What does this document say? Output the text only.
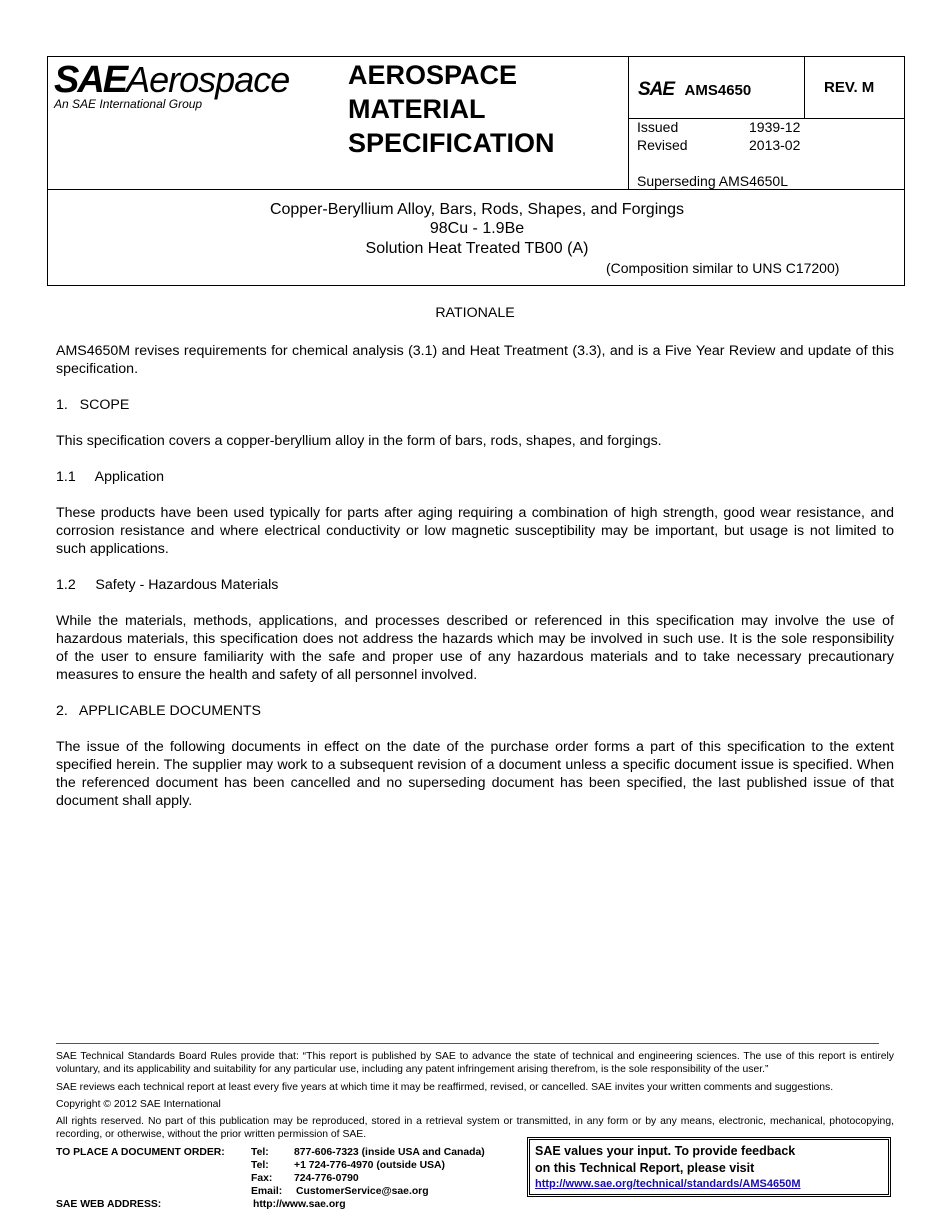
SAEAerospace
An SAE International Group
AEROSPACE
MATERIAL
SPECIFICATION
SAE AMS4650	REV. M
Issued	1939-12
Revised	2013-02
Superseding AMS4650L
Copper-Beryllium Alloy, Bars, Rods, Shapes, and Forgings
98Cu - 1.9Be
Solution Heat Treated TB00 (A)
(Composition similar to UNS C17200)
RATIONALE
AMS4650M revises requirements for chemical analysis (3.1) and Heat Treatment (3.3), and is a Five Year Review and update of this specification.
1.   SCOPE
This specification covers a copper-beryllium alloy in the form of bars, rods, shapes, and forgings.
1.1     Application
These products have been used typically for parts after aging requiring a combination of high strength, good wear resistance, and corrosion resistance and where electrical conductivity or low magnetic susceptibility may be important, but usage is not limited to such applications.
1.2     Safety - Hazardous Materials
While the materials, methods, applications, and processes described or referenced in this specification may involve the use of hazardous materials, this specification does not address the hazards which may be involved in such use. It is the sole responsibility of the user to ensure familiarity with the safe and proper use of any hazardous materials and to take necessary precautionary measures to ensure the health and safety of all personnel involved.
2.   APPLICABLE DOCUMENTS
The issue of the following documents in effect on the date of the purchase order forms a part of this specification to the extent specified herein. The supplier may work to a subsequent revision of a document unless a specific document issue is specified. When the referenced document has been cancelled and no superseding document has been specified, the last published issue of that document shall apply.
SAE Technical Standards Board Rules provide that: “This report is published by SAE to advance the state of technical and engineering sciences. The use of this report is entirely voluntary, and its applicability and suitability for any particular use, including any patent infringement arising therefrom, is the sole responsibility of the user.”
SAE reviews each technical report at least every five years at which time it may be reaffirmed, revised, or cancelled. SAE invites your written comments and suggestions.
Copyright © 2012 SAE International
All rights reserved. No part of this publication may be reproduced, stored in a retrieval system or transmitted, in any form or by any means, electronic, mechanical, photocopying, recording, or otherwise, without the prior written permission of SAE.
TO PLACE A DOCUMENT ORDER:	Tel: 877-606-7323 (inside USA and Canada)
Tel: +1 724-776-4970 (outside USA)
Fax: 724-776-0790
Email: CustomerService@sae.org
SAE WEB ADDRESS:	http://www.sae.org
SAE values your input. To provide feedback
on this Technical Report, please visit
http://www.sae.org/technical/standards/AMS4650M
